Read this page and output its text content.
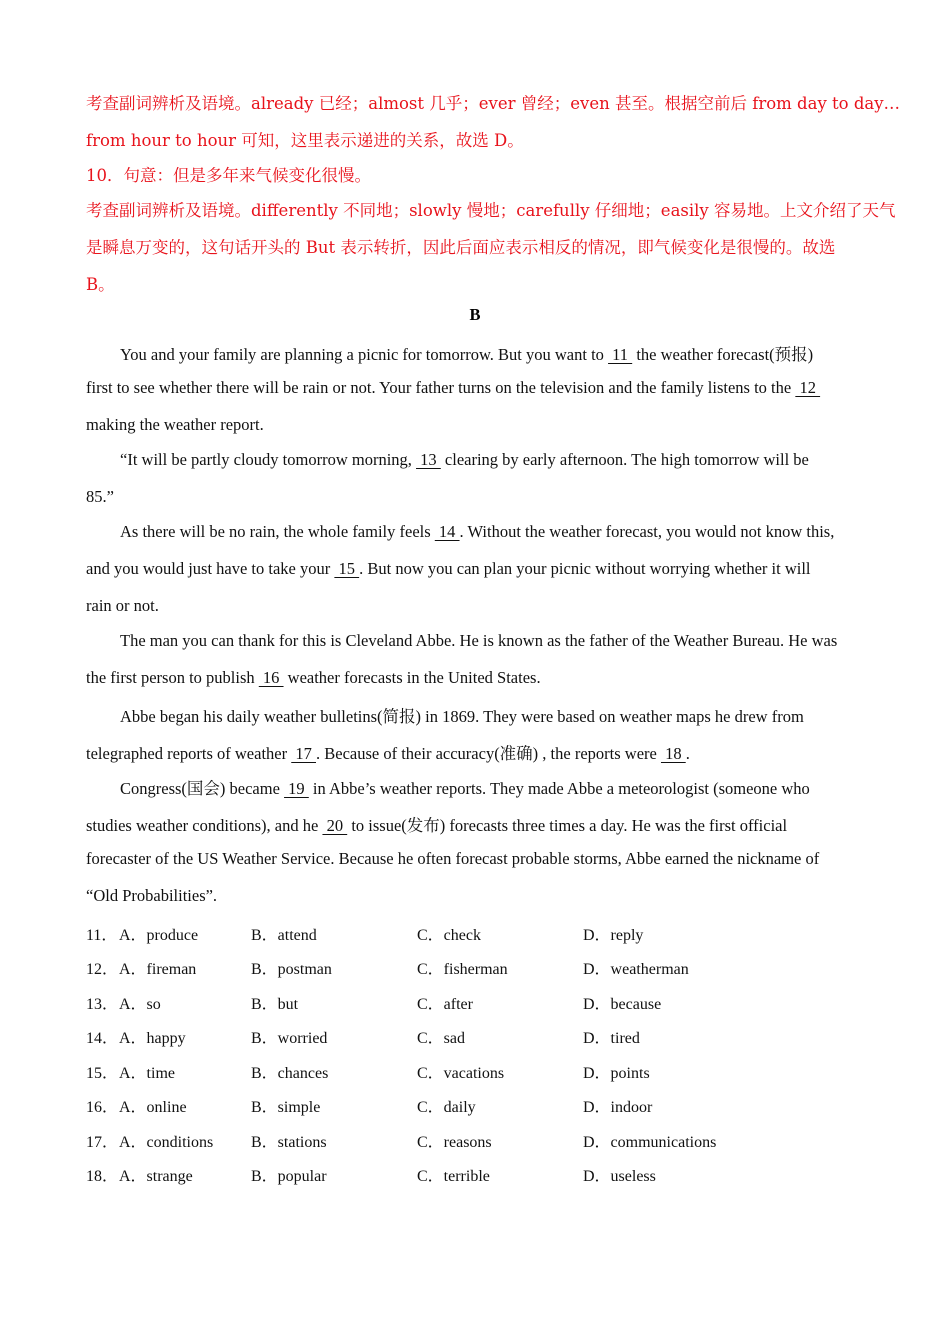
考查副词辨析及语境。already 已经；almost 几乎；ever 曾经；even 甚至。根据空前后 from day to day…
from hour to hour 可知，这里表示递进的关系，故选 D。
10．句意：但是多年来气候变化很慢。
考查副词辨析及语境。differently 不同地；slowly 慢地；carefully 仔细地；easily 容易地。上文介绍了天气
是瞬息万变的，这句话开头的 But 表示转折，因此后面应表示相反的情况，即气候变化是很慢的。故选
B。
B
You and your family are planning a picnic for tomorrow. But you want to  11  the weather forecast(预报)
first to see whether there will be rain or not. Your father turns on the television and the family listens to the  12
making the weather report.
“It will be partly cloudy tomorrow morning,  13  clearing by early afternoon. The high tomorrow will be
85.”
As there will be no rain, the whole family feels  14 . Without the weather forecast, you would not know this,
and you would just have to take your  15 . But now you can plan your picnic without worrying whether it will
rain or not.
The man you can thank for this is Cleveland Abbe. He is known as the father of the Weather Bureau. He was
the first person to publish  16  weather forecasts in the United States.
Abbe began his daily weather bulletins(简报) in 1869. They were based on weather maps he drew from
telegraphed reports of weather  17 . Because of their accuracy(准确) , the reports were  18 .
Congress(国会) became  19  in Abbe’s weather reports. They made Abbe a meteorologist (someone who
studies weather conditions), and he  20  to issue(发布) forecasts three times a day. He was the first official
forecaster of the US Weather Service. Because he often forecast probable storms, Abbe earned the nickname of
“Old Probabilities”.
11． A．produce	B．attend	C．check	D．reply
12． A．fireman	B．postman	C．fisherman	D．weatherman
13． A．so	B．but	C．after	D．because
14． A．happy	B．worried	C．sad	D．tired
15． A．time	B．chances	C．vacations	D．points
16． A．online	B．simple	C．daily	D．indoor
17． A．conditions B．stations	C．reasons	D．communications
18． A．strange	B．popular	C．terrible	D．useless
